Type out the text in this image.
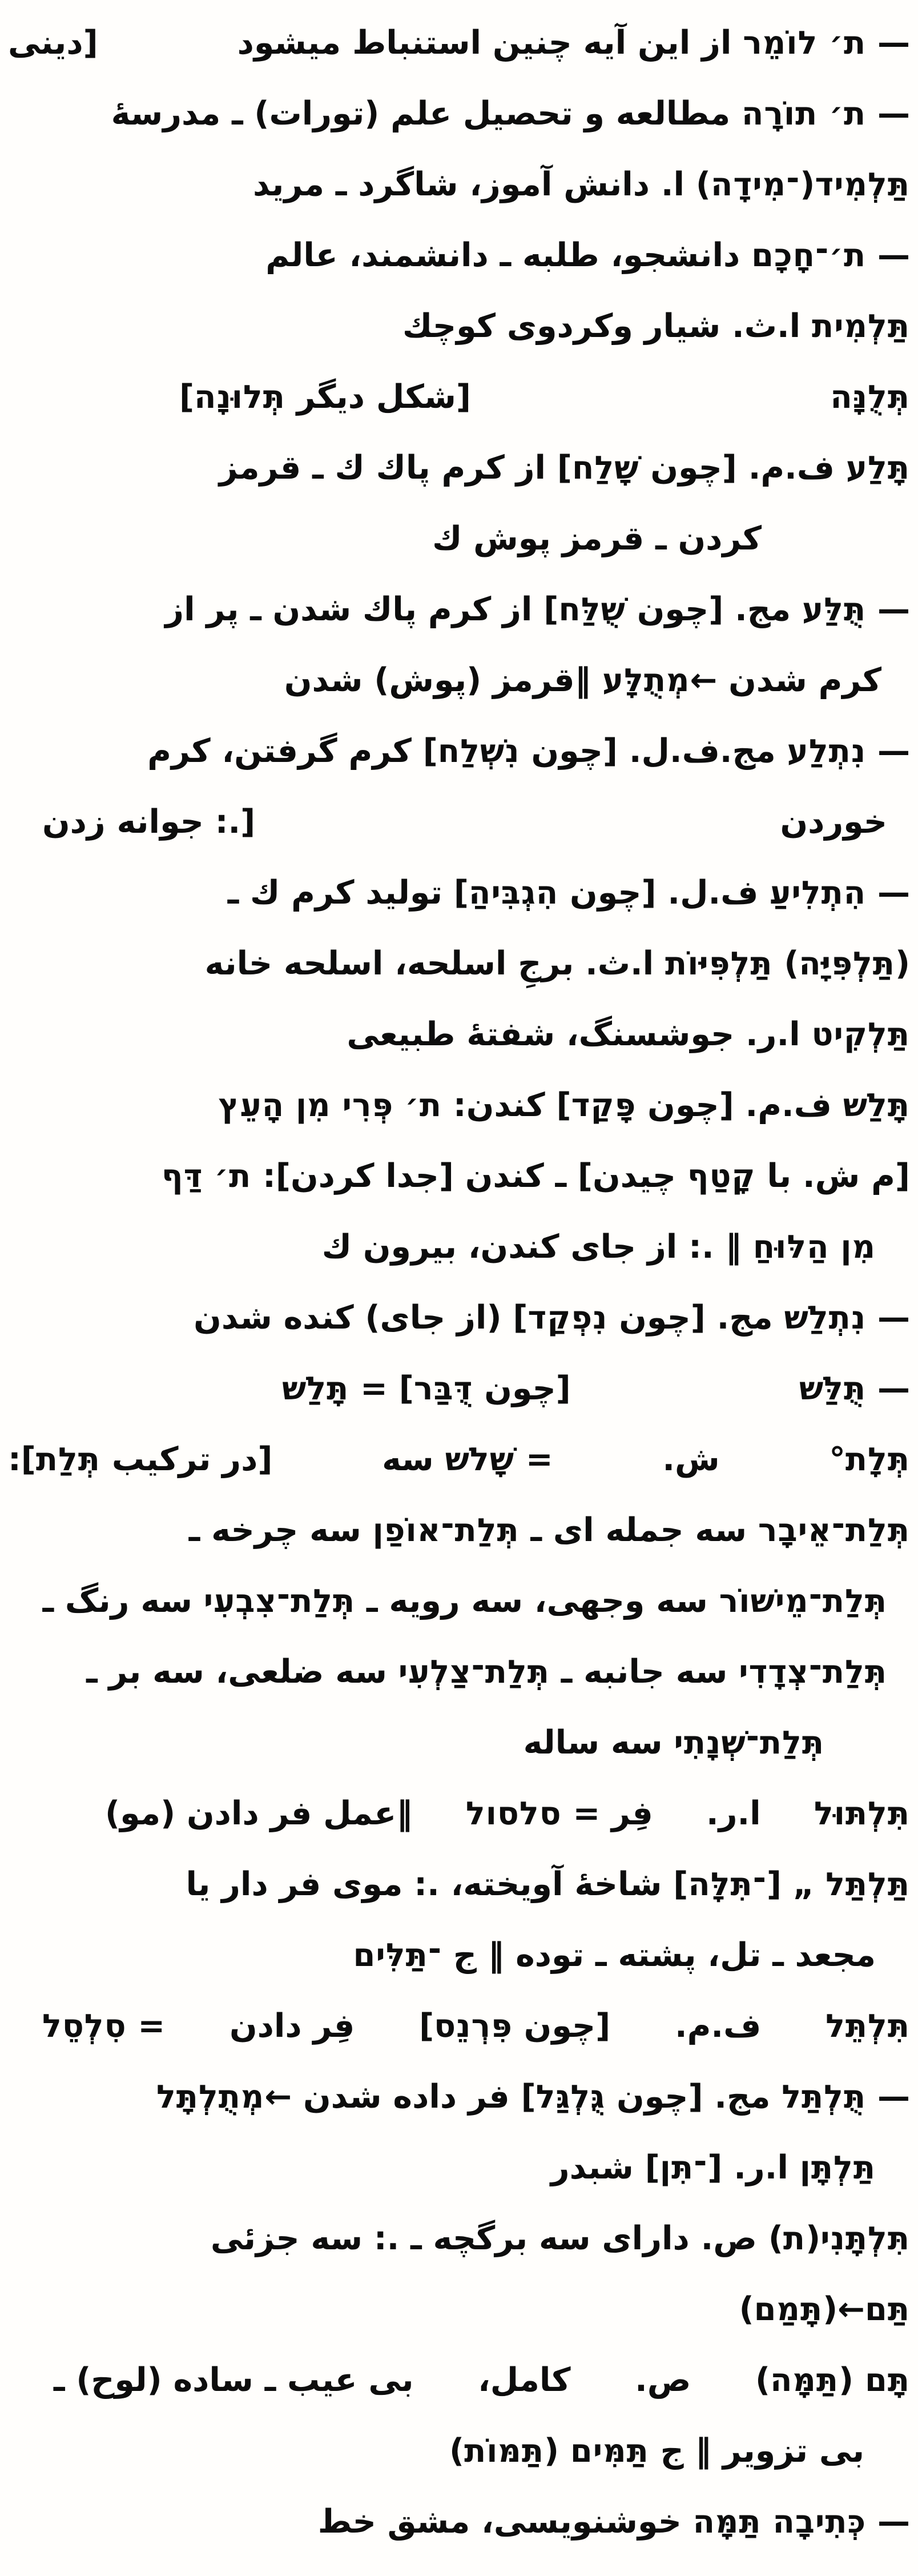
— ת׳ לוֹמֵר از اين آيه چنين استنباط ميشود
[دينى
— ת׳ תוֹרָה مطالعه و تحصيل علم (تورات) ـ مدرسهٔ
תַּלְמִיד(־מִידָה) ا. دانش آموز، شاگرد ـ مريد
— ת׳־חָכָם دانشجو، طلبه ـ دانشمند، عالم
תַּלְמִית ا.ث. شيار وكردوى كوچك
תְּלֻנָּה
[شكل ديگر תְּלוּנָה]
תָּלַע ف.م. [چون שָׁלַח] از كرم پاك ك ـ قرمز
كردن ـ قرمز پوش ك
— תֻּלַּע مج. [چون שֻׁלַּח] از كرم پاك شدن ـ پر از
كرم شدن ←מְתֻלָּע ‖قرمز (پوش) شدن
— נִתְלַע مج.ف.ل. [چون נִשְׁלַח] كرم گرفتن، كرم
خوردن
[.: جوانه زدن
— הִתְלִיעַ ف.ل. [چون הִגְבִּיהַ] توليد كرم ك ـ
(תַּלְפִּיָּה) תַּלְפִּיּוֹת ا.ث. برجِ اسلحه، اسلحه خانه
תַּלְקִיט ا.ر. جوشسنگ، شفتهٔ طبيعى
תָּלַשׁ ف.م. [چون פָּקַד] كندن: ת׳ פְּרִי מִן הָעֵץ
[م ش. با קָטַף چيدن] ـ كندن [جدا كردن]: ת׳ דַּף
מִן הַלּוּחַ ‖ .: از جاى كندن، بيرون ك
— נִתְלַשׁ مج. [چون נִפְקַד] (از جاى) كنده شدن
— תֻּלַּשׁ
[چون דֻּבַּר] = תָּלַשׁ
תְּלָת°
ش.
= שָׁלשׁ سه
[در تركيب תְּלַת]:
תְּלַת־אֵיבָר سه جمله اى ـ תְּלַת־אוֹפַן سه چرخه ـ
תְּלַת־מֵישׁוֹר سه وجهى، سه رويه ـ תְּלַת־צִבְעִי سه رنگ ـ
תְּלַת־צְדָדִי سه جانبه ـ תְּלַת־צַלְעִי سه ضلعى، سه بر ـ
תְּלַת־שְׁנָתִי سه ساله
תִּלְתּוּל
ا.ر.
فِر = סלסול
‖عمل فر دادن (مو)
תַּלְתַּל „ [־תִּלָּה] شاخهٔ آويخته، .: موى فر دار يا
مجعد ـ تل، پشته ـ توده ‖ ج ־תַּלִּים
תִּלְתֵּל
ف.م.
[چون פִּרְנֵס]
فِر دادن
= סִלְסֵל
— תֻּלְתַּל مج. [چون גֻּלְגַּל] فر داده شدن ←מְתֻלְתָּל
תַּלְתָּן ا.ر. [־תִּן] شبدر
תִּלְתָּנִי(ת) ص. داراى سه برگچه ـ .: سه جزئى
תַּם←(תָּמַם)
תָּם (תַּמָּה)
ص.
كامل،
بى عيب ـ ساده (لوح) ـ
بى تزوير ‖ ج תַּמִּים (תַּמּוֹת)
— כְּתִיבָה תַּמָּה خوشنويسى، مشق خط
